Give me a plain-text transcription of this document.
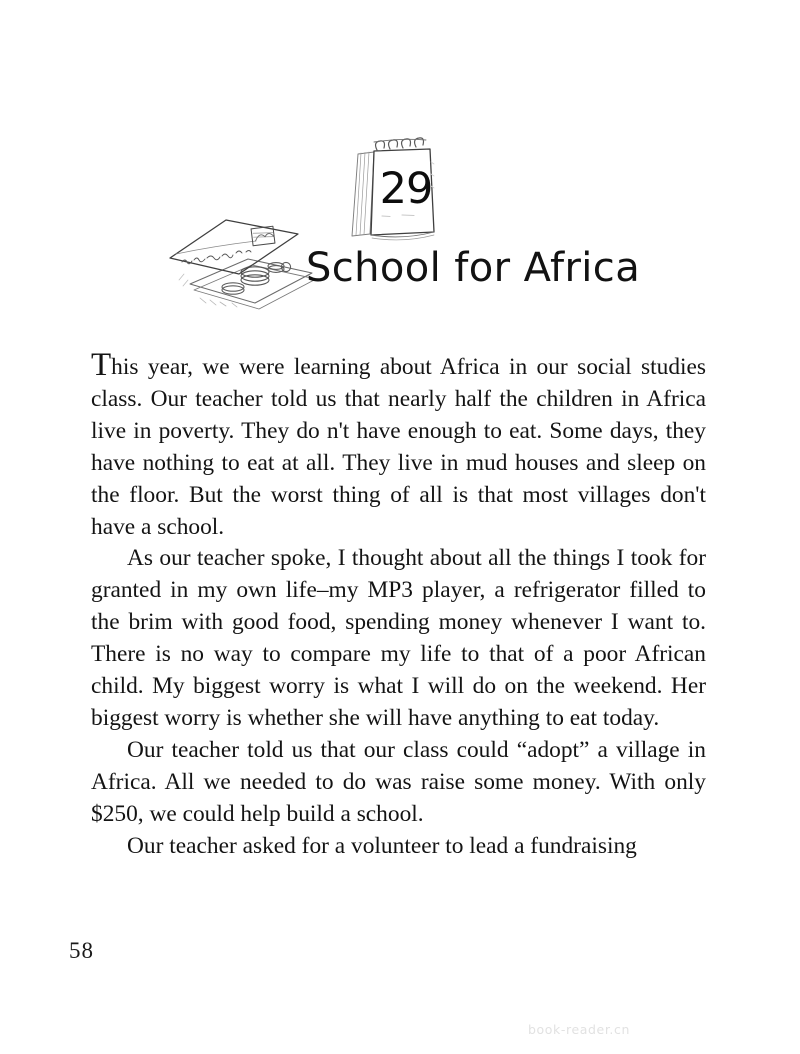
29
School for Africa

This year, we were learning about Africa in our social studies class. Our teacher told us that nearly half the children in Africa live in poverty. They do n't have enough to eat. Some days, they have nothing to eat at all. They live in mud houses and sleep on the floor. But the worst thing of all is that most villages don't have a school.

As our teacher spoke, I thought about all the things I took for granted in my own life–my MP3 player, a refrigerator filled to the brim with good food, spending money whenever I want to. There is no way to compare my life to that of a poor African child. My biggest worry is what I will do on the weekend. Her biggest worry is whether she will have anything to eat today.

Our teacher told us that our class could “adopt” a village in Africa. All we needed to do was raise some money. With only $250, we could help build a school.

Our teacher asked for a volunteer to lead a fundraising

58
book-reader.cn
